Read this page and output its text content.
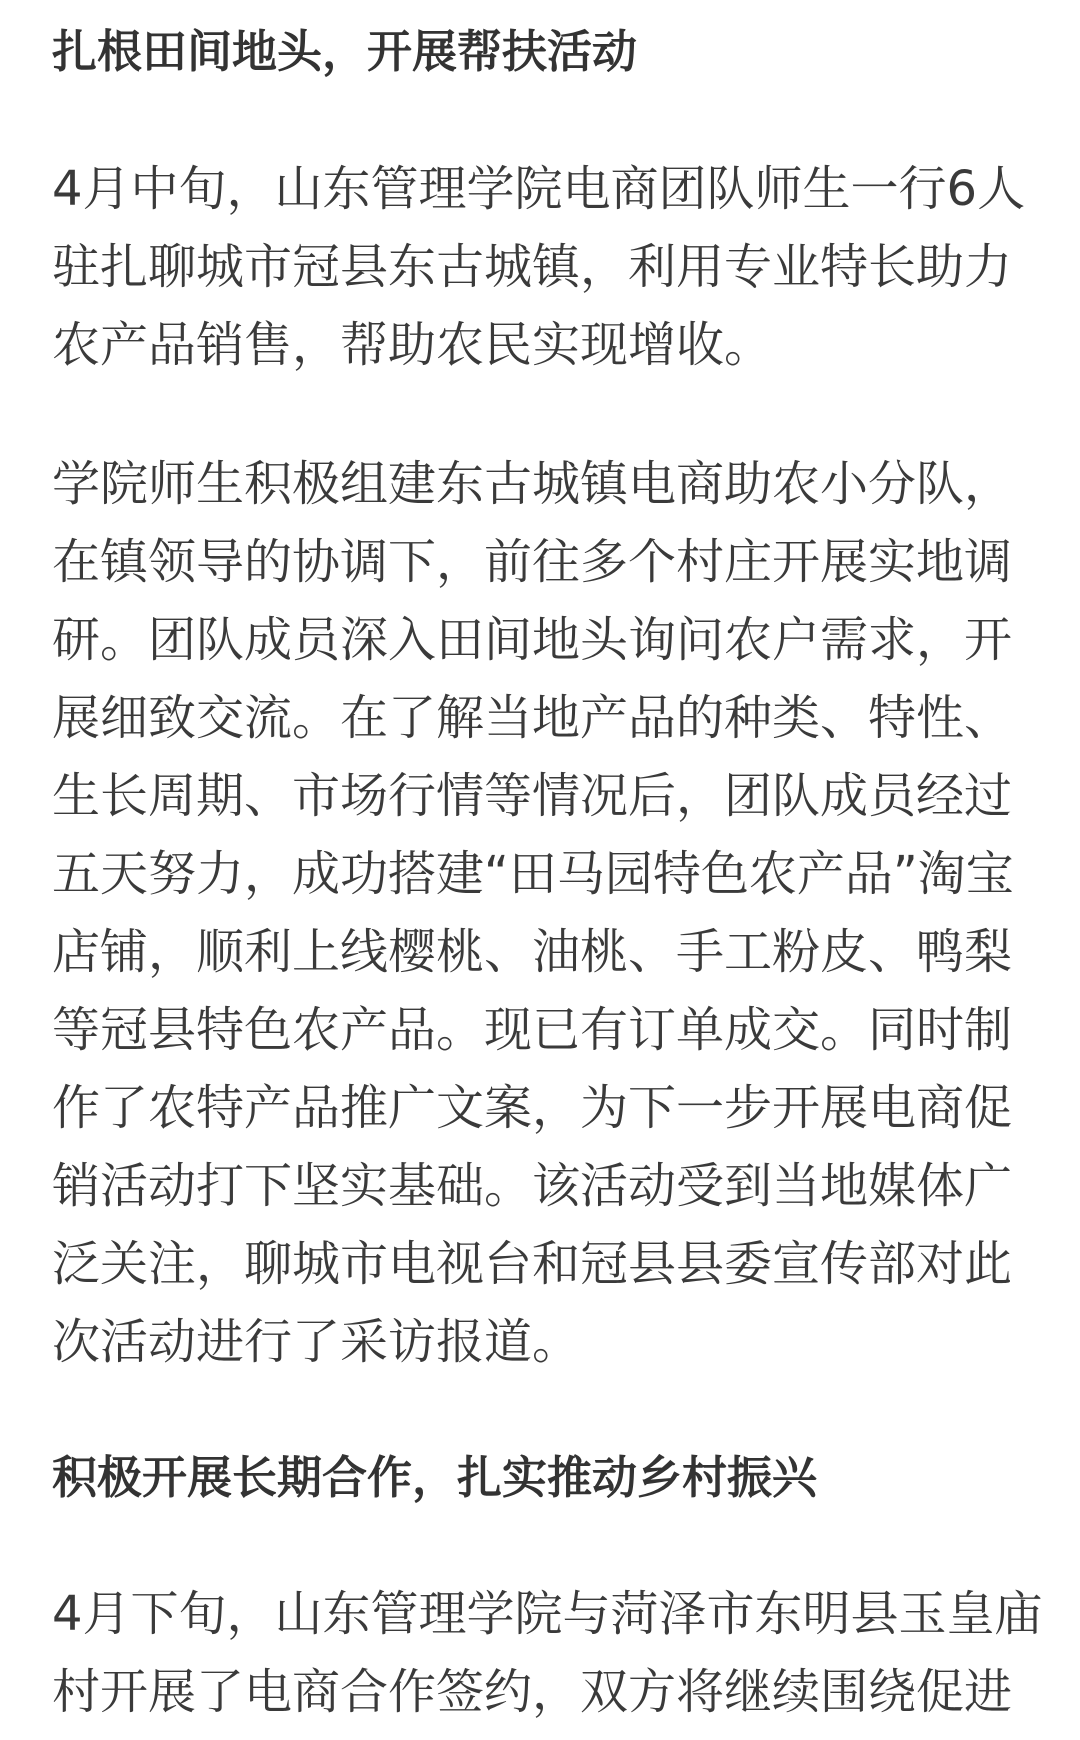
扎根田间地头，开展帮扶活动
4月中旬，山东管理学院电商团队师生一行6人
驻扎聊城市冠县东古城镇，利用专业特长助力
农产品销售，帮助农民实现增收。
学院师生积极组建东古城镇电商助农小分队，
在镇领导的协调下，前往多个村庄开展实地调
研。团队成员深入田间地头询问农户需求，开
展细致交流。在了解当地产品的种类、特性、
生长周期、市场行情等情况后，团队成员经过
五天努力，成功搭建“田马园特色农产品”淘宝
店铺，顺利上线樱桃、油桃、手工粉皮、鸭梨
等冠县特色农产品。现已有订单成交。同时制
作了农特产品推广文案，为下一步开展电商促
销活动打下坚实基础。该活动受到当地媒体广
泛关注，聊城市电视台和冠县县委宣传部对此
次活动进行了采访报道。
积极开展长期合作，扎实推动乡村振兴
4月下旬，山东管理学院与菏泽市东明县玉皇庙
村开展了电商合作签约，双方将继续围绕促进
